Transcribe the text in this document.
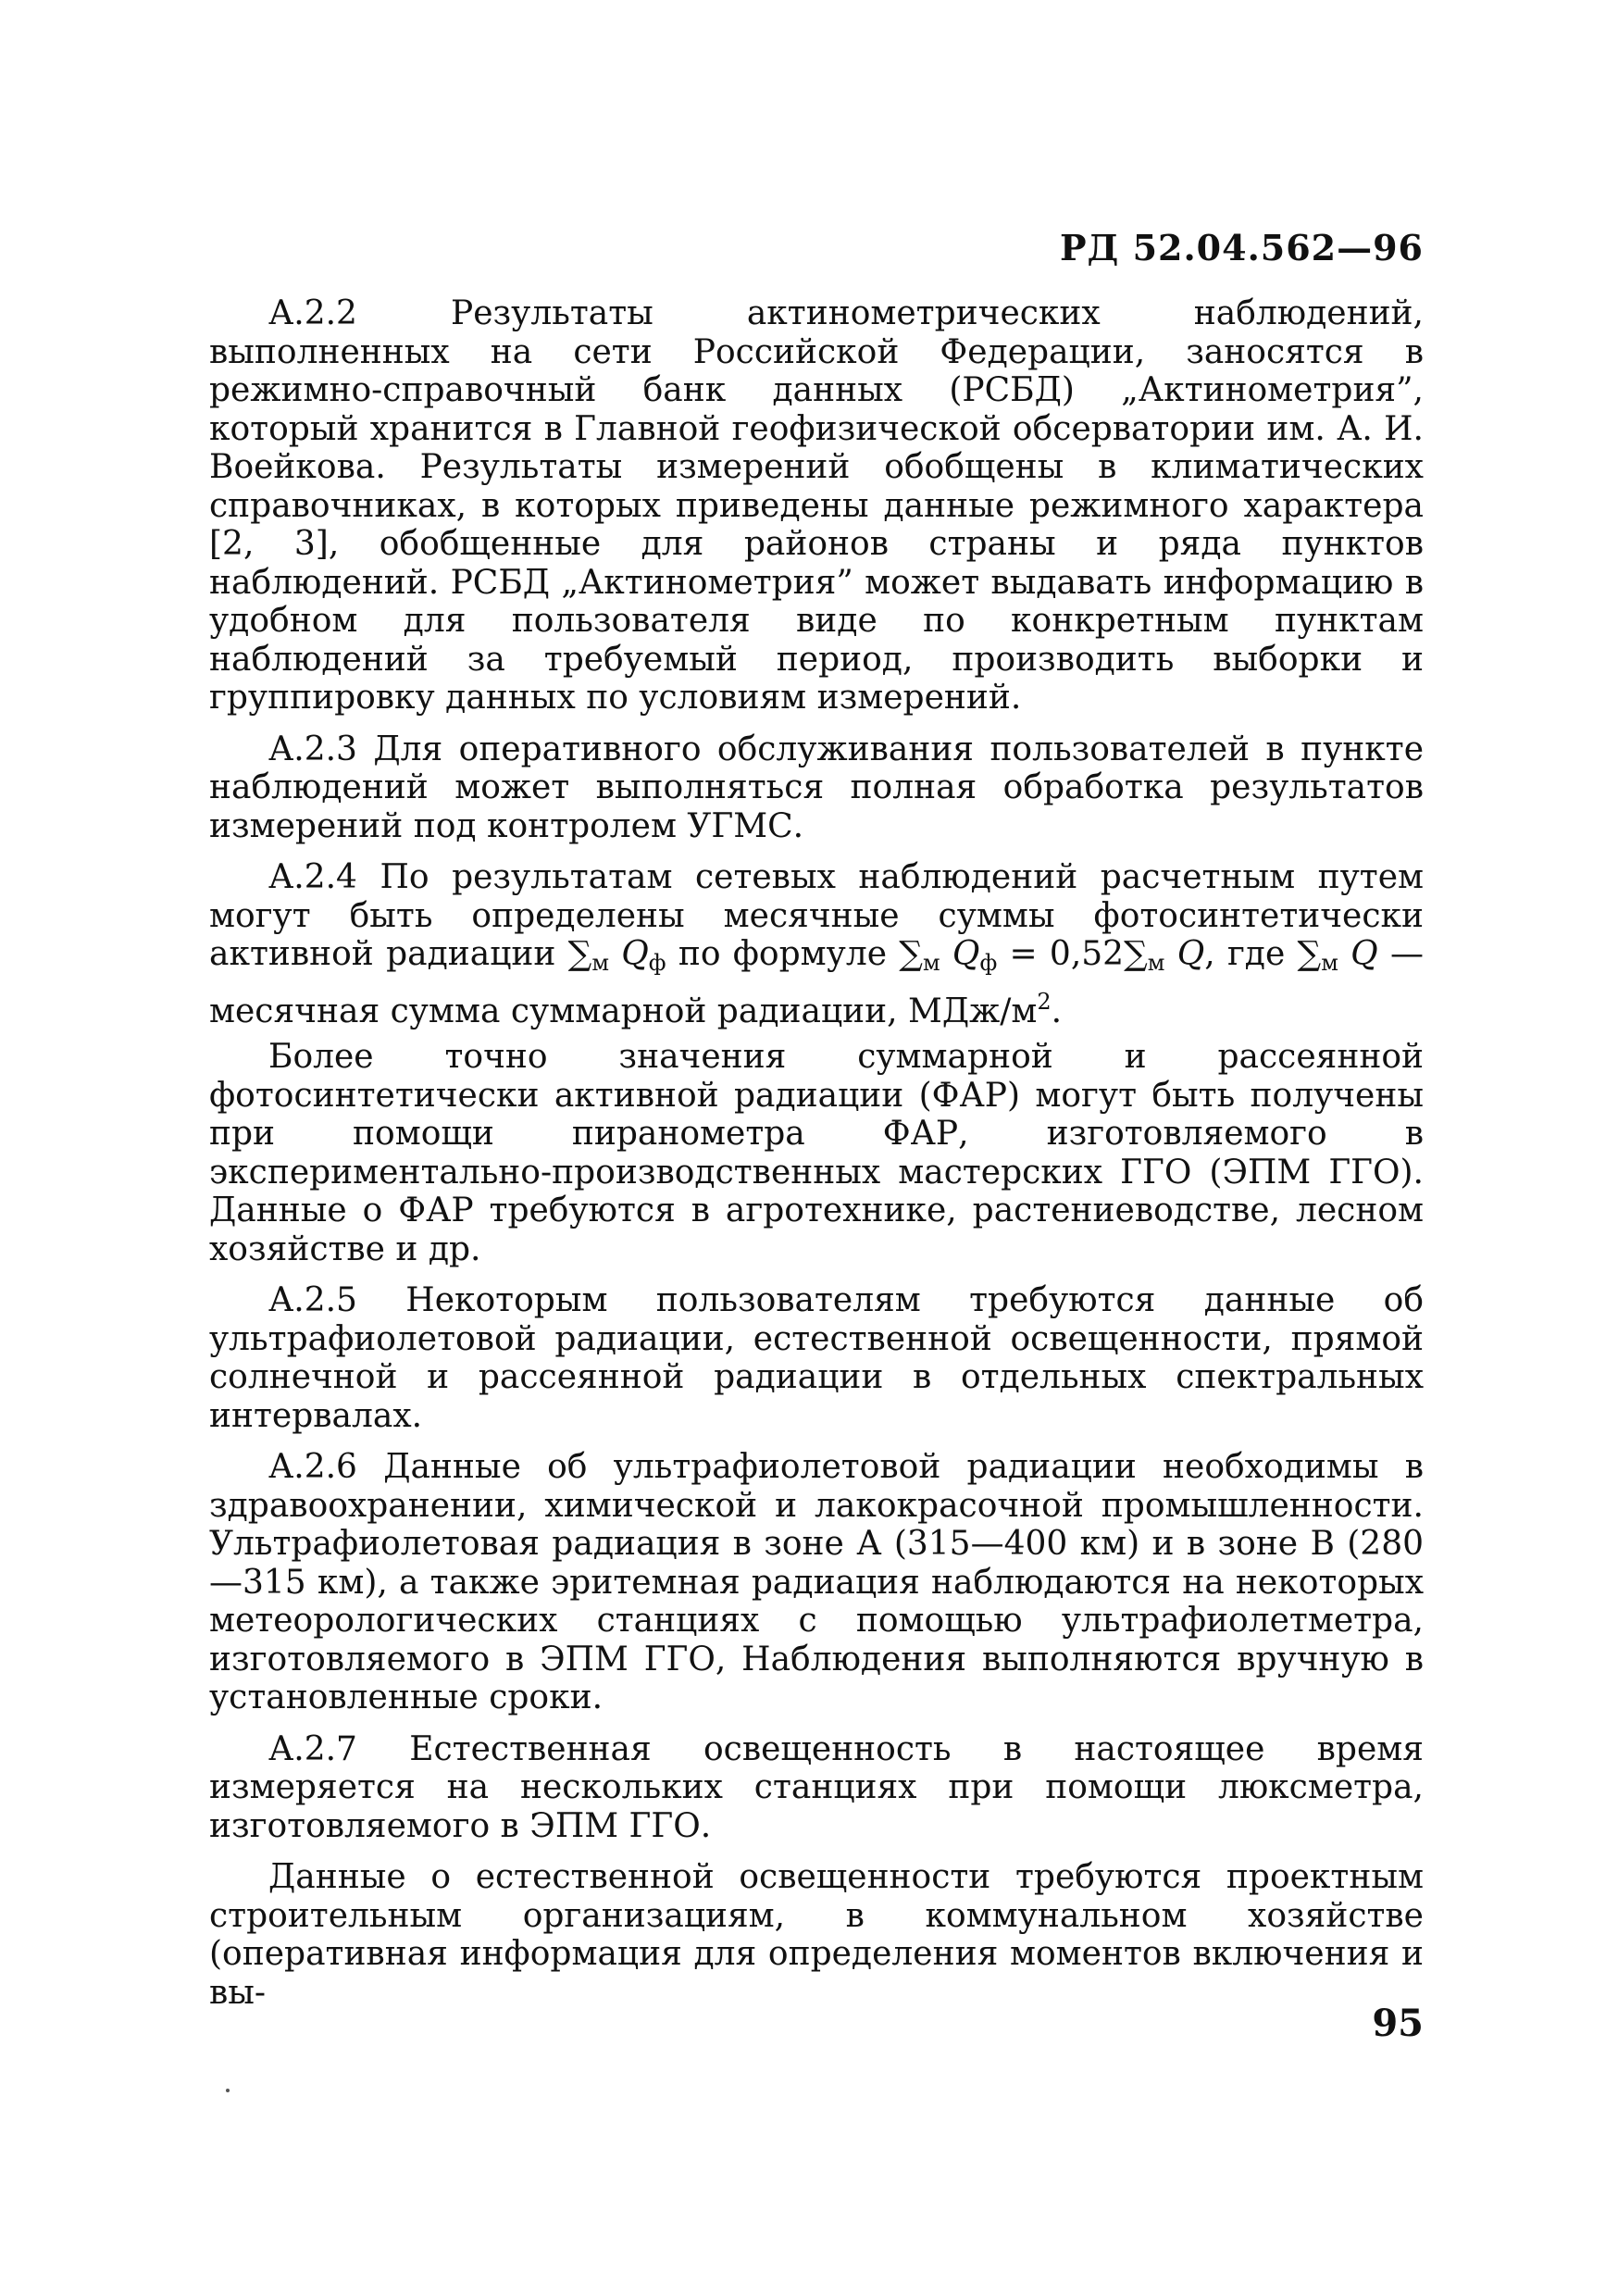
РД 52.04.562—96

А.2.2 Результаты актинометрических наблюдений, выполненных на сети Российской Федерации, заносятся в режимно-справочный банк данных (РСБД) „Актинометрия”, который хранится в Главной геофизической обсерватории им. А. И. Воейкова. Результаты измерений обобщены в климатических справочниках, в которых приведены данные режимного характера [2, 3], обобщенные для районов страны и ряда пунктов наблюдений. РСБД „Актинометрия” может выдавать информацию в удобном для пользователя виде по конкретным пунктам наблюдений за требуемый период, производить выборки и группировку данных по условиям измерений.

А.2.3 Для оперативного обслуживания пользователей в пункте наблюдений может выполняться полная обработка результатов измерений под контролем УГМС.

А.2.4 По результатам сетевых наблюдений расчетным путем могут быть определены месячные суммы фотосинтетически активной радиации $\sum_м$ $Q_ф$ по формуле $\sum_м$ $Q_ф = 0,52\sum_м$ Q, где $\sum_м$ Q — месячная сумма суммарной радиации, МДж/$м^2$.

Более точно значения суммарной и рассеянной фотосинтетически активной радиации (ФАР) могут быть получены при помощи пиранометра ФАР, изготовляемого в экспериментально-производственных мастерских ГГО (ЭПМ ГГО). Данные о ФАР требуются в агротехнике, растениеводстве, лесном хозяйстве и др.

А.2.5 Некоторым пользователям требуются данные об ультрафиолетовой радиации, естественной освещенности, прямой солнечной и рассеянной радиации в отдельных спектральных интервалах.

А.2.6 Данные об ультрафиолетовой радиации необходимы в здравоохранении, химической и лакокрасочной промышленности. Ультрафиолетовая радиация в зоне А (315—400 км) и в зоне В (280—315 км), а также эритемная радиация наблюдаются на некоторых метеорологических станциях с помощью ультрафиолетметра, изготовляемого в ЭПМ ГГО, Наблюдения выполняются вручную в установленные сроки.

А.2.7 Естественная освещенность в настоящее время измеряется на нескольких станциях при помощи люксметра, изготовляемого в ЭПМ ГГО.

Данные о естественной освещенности требуются проектным строительным организациям, в коммунальном хозяйстве (оперативная информация для определения моментов включения и вы-

95
